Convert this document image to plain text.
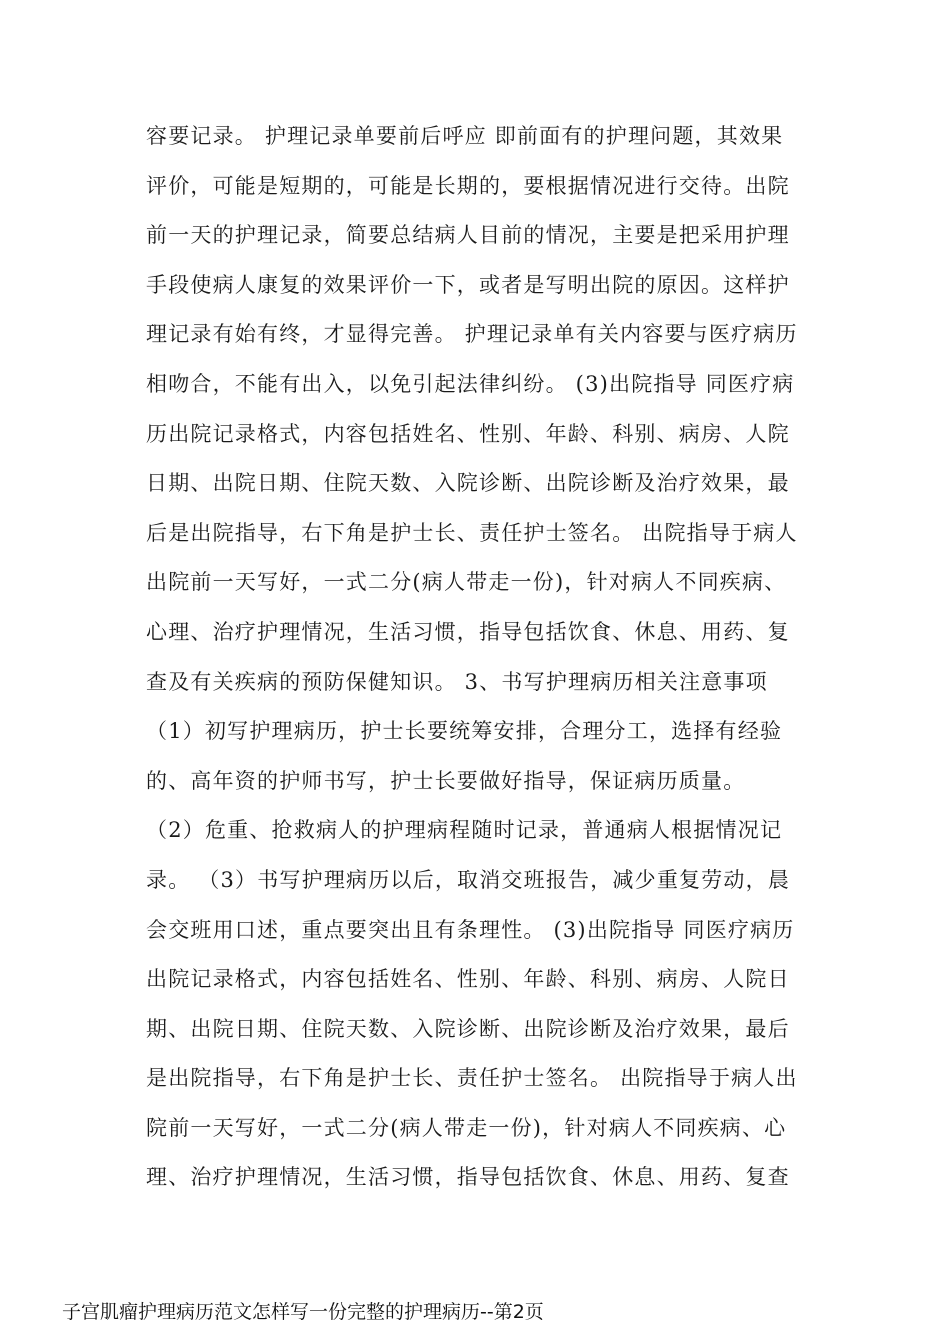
容要记录。 护理记录单要前后呼应 即前面有的护理问题，其效果
评价，可能是短期的，可能是长期的，要根据情况进行交待。出院
前一天的护理记录，简要总结病人目前的情况，主要是把采用护理
手段使病人康复的效果评价一下，或者是写明出院的原因。这样护
理记录有始有终，才显得完善。 护理记录单有关内容要与医疗病历
相吻合，不能有出入，以免引起法律纠纷。 (3)出院指导 同医疗病
历出院记录格式，内容包括姓名、性别、年龄、科别、病房、人院
日期、出院日期、住院天数、入院诊断、出院诊断及治疗效果，最
后是出院指导，右下角是护士长、责任护士签名。 出院指导于病人
出院前一天写好，一式二分(病人带走一份)，针对病人不同疾病、
心理、治疗护理情况，生活习惯，指导包括饮食、休息、用药、复
查及有关疾病的预防保健知识。 3、书写护理病历相关注意事项
（1）初写护理病历，护士长要统筹安排，合理分工，选择有经验
的、高年资的护师书写，护士长要做好指导，保证病历质量。
（2）危重、抢救病人的护理病程随时记录，普通病人根据情况记
录。 （3）书写护理病历以后，取消交班报告，减少重复劳动，晨
会交班用口述，重点要突出且有条理性。 (3)出院指导 同医疗病历
出院记录格式，内容包括姓名、性别、年龄、科别、病房、人院日
期、出院日期、住院天数、入院诊断、出院诊断及治疗效果，最后
是出院指导，右下角是护士长、责任护士签名。 出院指导于病人出
院前一天写好，一式二分(病人带走一份)，针对病人不同疾病、心
理、治疗护理情况，生活习惯，指导包括饮食、休息、用药、复查
子宫肌瘤护理病历范文怎样写一份完整的护理病历--第2页
